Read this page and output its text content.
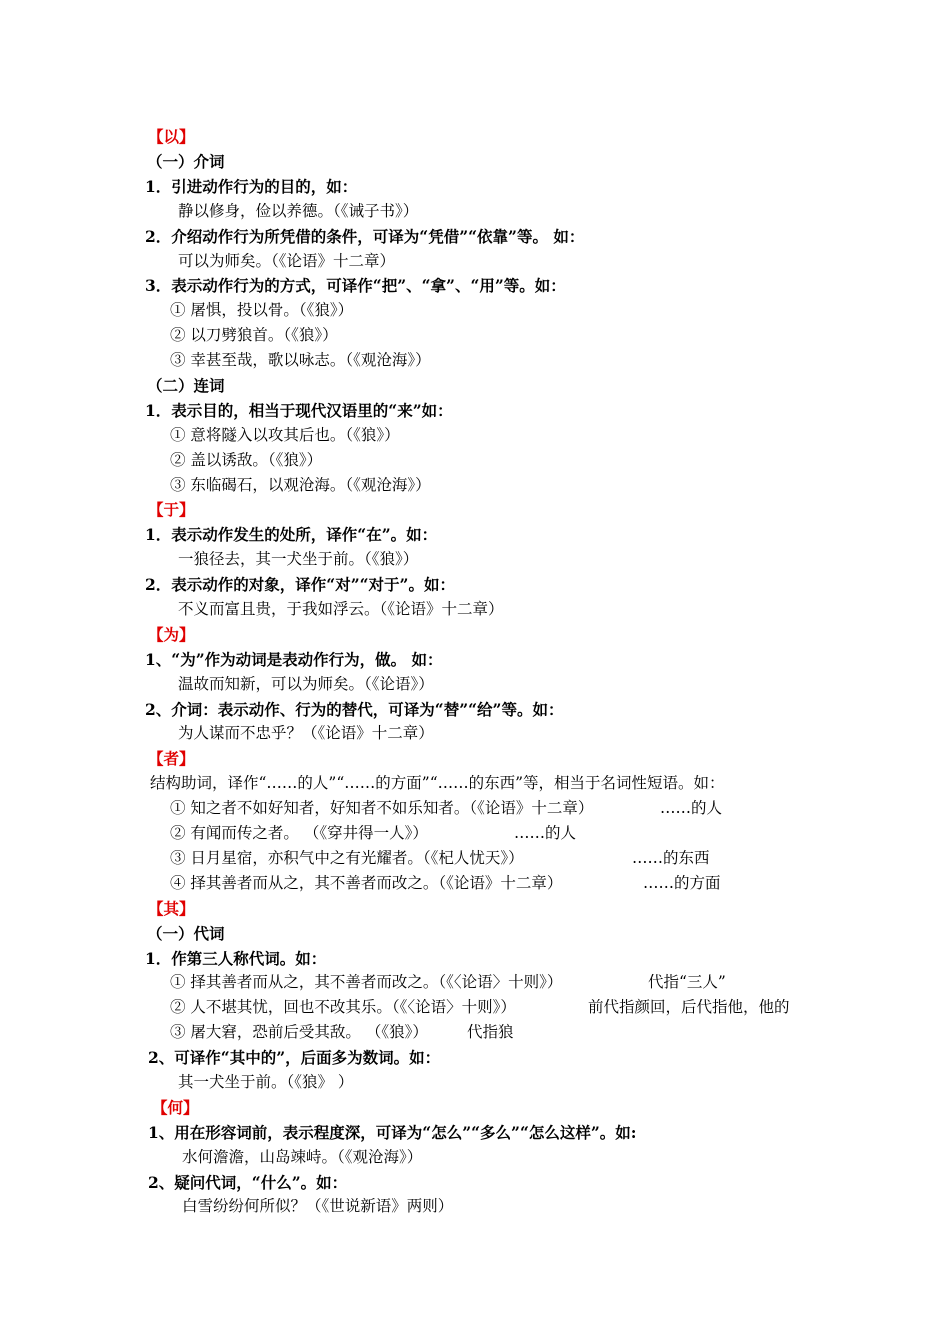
【以】
（一）介词
1．引进动作行为的目的，如：
静以修身，俭以养德。（《诫子书》）
2．介绍动作行为所凭借的条件，可译为“凭借”“依靠”等。 如：
可以为师矣。（《论语》十二章）
3．表示动作行为的方式，可译作“把”、“拿”、“用”等。如：
① 屠惧，投以骨。（《狼》）
② 以刀劈狼首。（《狼》）
③ 幸甚至哉，歌以咏志。（《观沧海》）
（二）连词
1．表示目的，相当于现代汉语里的“来”如：
① 意将隧入以攻其后也。（《狼》）
② 盖以诱敌。（《狼》）
③ 东临碣石，以观沧海。（《观沧海》）
【于】
1．表示动作发生的处所，译作“在”。如：
一狼径去，其一犬坐于前。（《狼》）
2．表示动作的对象，译作“对”“对于”。如：
不义而富且贵，于我如浮云。（《论语》十二章）
【为】
1、“为”作为动词是表动作行为，做。 如：
温故而知新，可以为师矣。（《论语》）
2、介词：表示动作、行为的替代，可译为“替”“给”等。如：
为人谋而不忠乎？（《论语》十二章）
【者】
结构助词，译作“……的人”“……的方面”“……的东西”等，相当于名词性短语。如：
① 知之者不如好知者，好知者不如乐知者。（《论语》十二章）	……的人
② 有闻而传之者。 （《穿井得一人》）	……的人
③ 日月星宿，亦积气中之有光耀者。（《杞人忧天》）	……的东西
④ 择其善者而从之，其不善者而改之。（《论语》十二章）	……的方面
【其】
（一）代词
1．作第三人称代词。如：
① 择其善者而从之，其不善者而改之。（《〈论语〉十则》）	代指“三人”
② 人不堪其忧，回也不改其乐。（《〈论语〉十则》）	前代指颜回，后代指他，他的
③ 屠大窘，恐前后受其敌。 （《狼》）	代指狼
2、可译作“其中的”，后面多为数词。如：
其一犬坐于前。（《狼》 ）
【何】
1、用在形容词前，表示程度深，可译为“怎么”“多么”“怎么这样”。如:
水何澹澹，山岛竦峙。（《观沧海》）
2、疑问代词，“什么”。如：
白雪纷纷何所似？（《世说新语》两则）
